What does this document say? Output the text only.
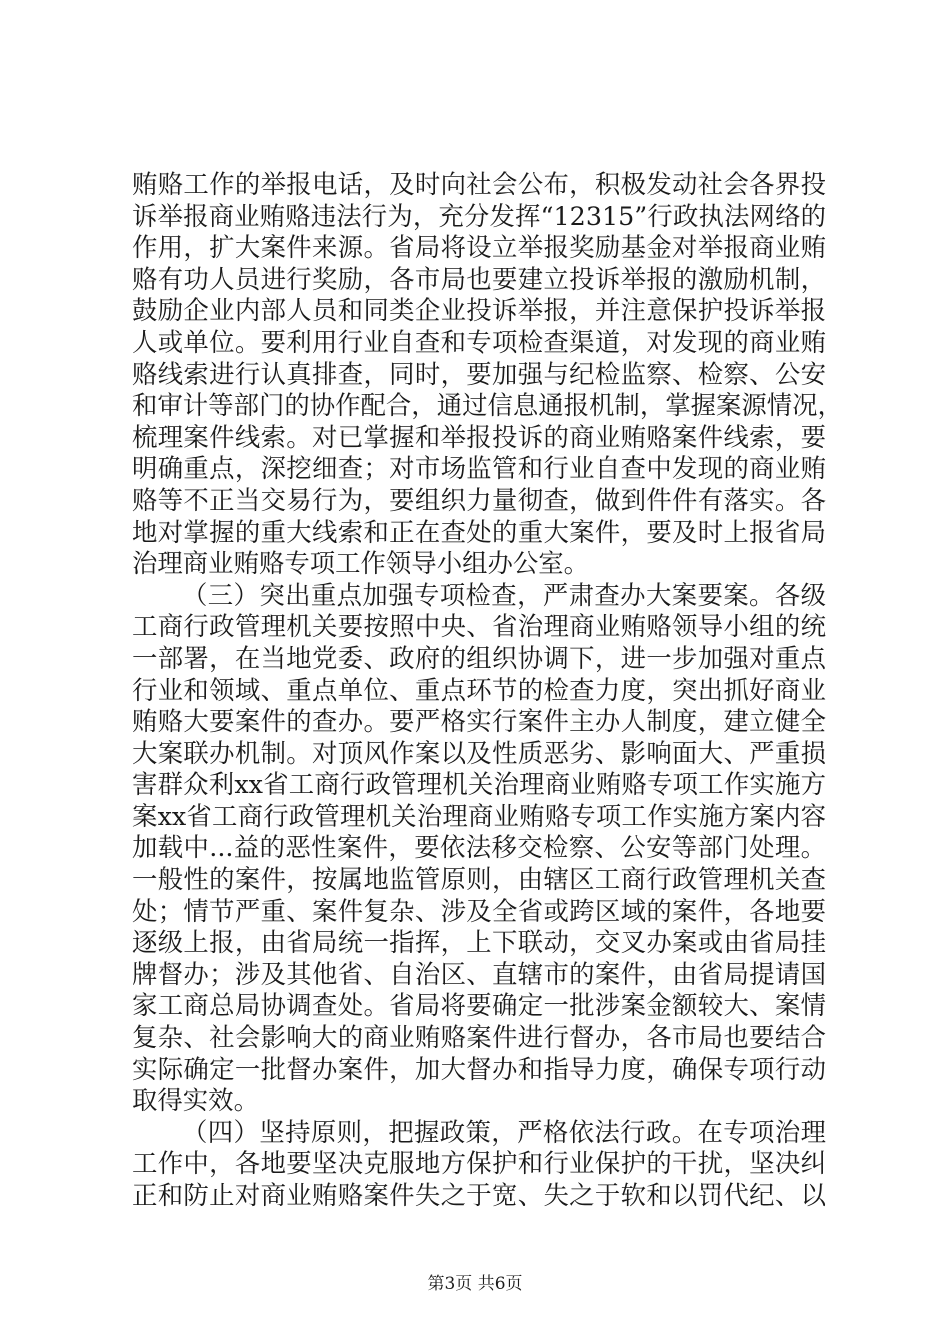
贿赂工作的举报电话，及时向社会公布，积极发动社会各界投
诉举报商业贿赂违法行为，充分发挥“12315”行政执法网络的
作用，扩大案件来源。省局将设立举报奖励基金对举报商业贿
赂有功人员进行奖励，各市局也要建立投诉举报的激励机制，
鼓励企业内部人员和同类企业投诉举报，并注意保护投诉举报
人或单位。要利用行业自查和专项检查渠道，对发现的商业贿
赂线索进行认真排查，同时，要加强与纪检监察、检察、公安
和审计等部门的协作配合，通过信息通报机制，掌握案源情况，
梳理案件线索。对已掌握和举报投诉的商业贿赂案件线索，要
明确重点，深挖细查；对市场监管和行业自查中发现的商业贿
赂等不正当交易行为，要组织力量彻查，做到件件有落实。各
地对掌握的重大线索和正在查处的重大案件，要及时上报省局
治理商业贿赂专项工作领导小组办公室。
（三）突出重点加强专项检查，严肃查办大案要案。各级
工商行政管理机关要按照中央、省治理商业贿赂领导小组的统
一部署，在当地党委、政府的组织协调下，进一步加强对重点
行业和领域、重点单位、重点环节的检查力度，突出抓好商业
贿赂大要案件的查办。要严格实行案件主办人制度，建立健全
大案联办机制。对顶风作案以及性质恶劣、影响面大、严重损
害群众利xx省工商行政管理机关治理商业贿赂专项工作实施方
案xx省工商行政管理机关治理商业贿赂专项工作实施方案内容
加载中...益的恶性案件，要依法移交检察、公安等部门处理。
一般性的案件，按属地监管原则，由辖区工商行政管理机关查
处；情节严重、案件复杂、涉及全省或跨区域的案件，各地要
逐级上报，由省局统一指挥，上下联动，交叉办案或由省局挂
牌督办；涉及其他省、自治区、直辖市的案件，由省局提请国
家工商总局协调查处。省局将要确定一批涉案金额较大、案情
复杂、社会影响大的商业贿赂案件进行督办，各市局也要结合
实际确定一批督办案件，加大督办和指导力度，确保专项行动
取得实效。
（四）坚持原则，把握政策，严格依法行政。在专项治理
工作中，各地要坚决克服地方保护和行业保护的干扰，坚决纠
正和防止对商业贿赂案件失之于宽、失之于软和以罚代纪、以
第3页 共6页
